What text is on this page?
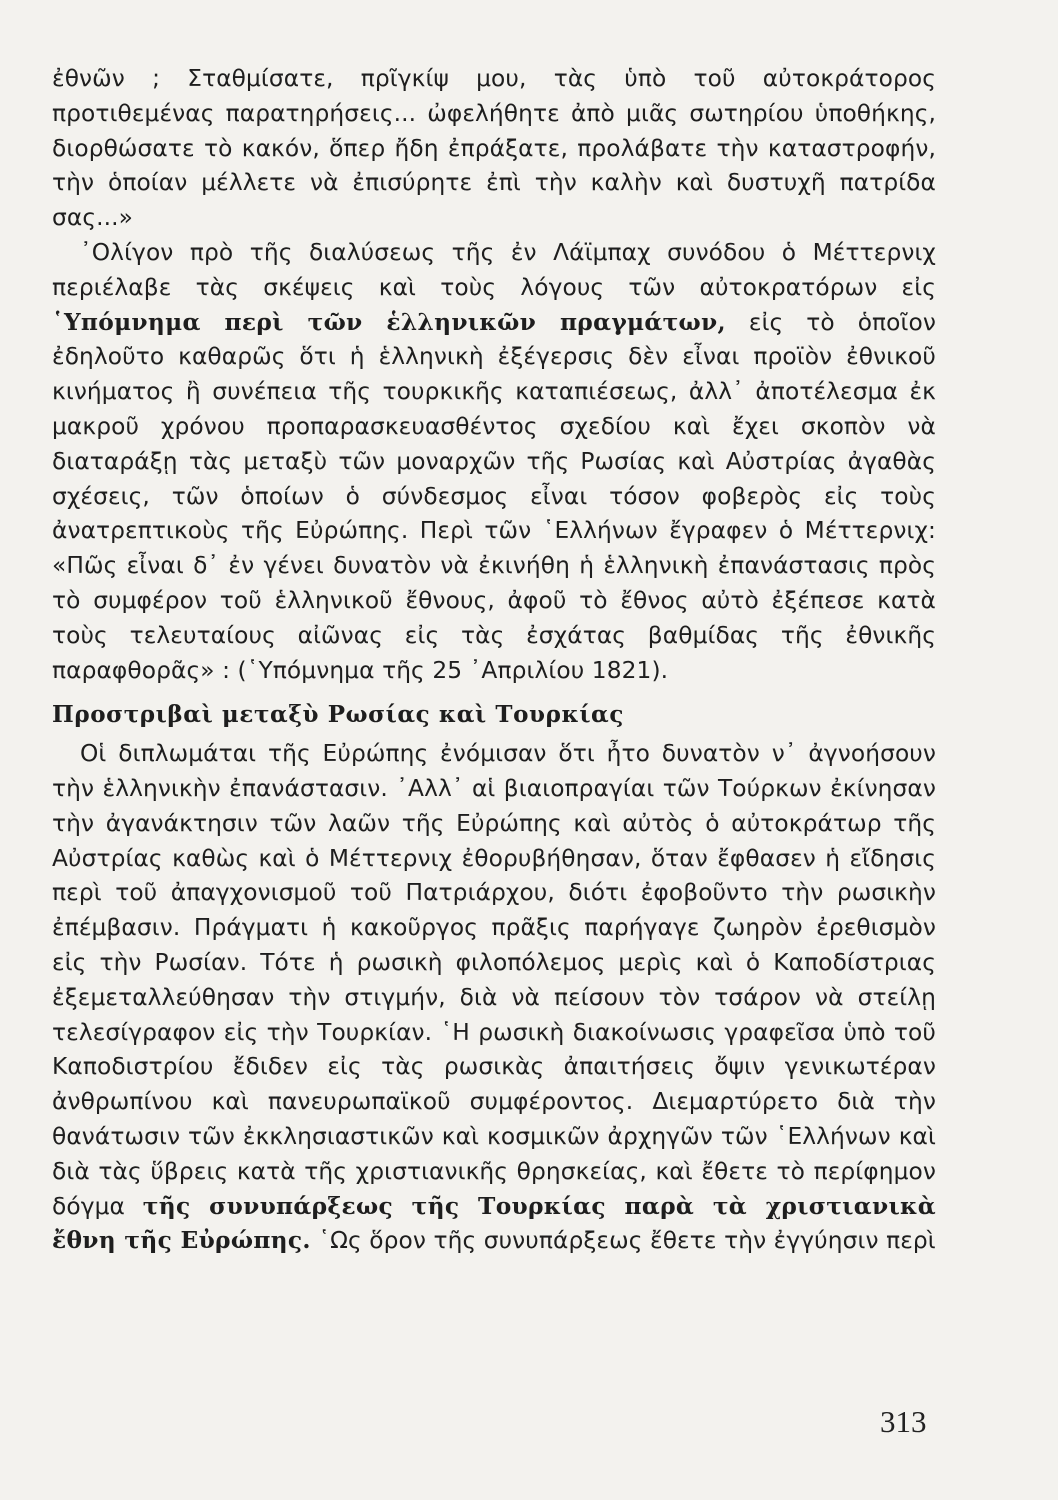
ἐθνῶν ; Σταθμίσατε, πρῖγκίψ μου, τὰς ὑπὸ τοῦ αὐτοκράτορος προτιθεμένας παρατηρήσεις... ὠφελήθητε ἀπὸ μιᾶς σωτηρίου ὑποθήκης, διορθώσατε τὸ κακόν, ὅπερ ἤδη ἐπράξατε, προλάβατε τὴν καταστροφήν, τὴν ὁποίαν μέλλετε νὰ ἐπισύρητε ἐπὶ τὴν καλὴν καὶ δυστυχῆ πατρίδα σας...»

᾿Ολίγον πρὸ τῆς διαλύσεως τῆς ἐν Λάϊμπαχ συνόδου ὁ Μέττερνιχ περιέλαβε τὰς σκέψεις καὶ τοὺς λόγους τῶν αὐτοκρατόρων εἰς ῾Υπόμνημα περὶ τῶν ἑλληνικῶν πραγμάτων, εἰς τὸ ὁποῖον ἐδηλοῦτο καθαρῶς ὅτι ἡ ἑλληνικὴ ἐξέγερσις δὲν εἶναι προϊὸν ἐθνικοῦ κινήματος ἢ συνέπεια τῆς τουρκικῆς καταπιέσεως, ἀλλ᾿ ἀποτέλεσμα ἐκ μακροῦ χρόνου προπαρασκευασθέντος σχεδίου καὶ ἔχει σκοπὸν νὰ διαταράξῃ τὰς μεταξὺ τῶν μοναρχῶν τῆς Ρωσίας καὶ Αὐστρίας ἀγαθὰς σχέσεις, τῶν ὁποίων ὁ σύνδεσμος εἶναι τόσον φοβερὸς εἰς τοὺς ἀνατρεπτικοὺς τῆς Εὐρώπης. Περὶ τῶν ῾Ελλήνων ἔγραφεν ὁ Μέττερνιχ: «Πῶς εἶναι δ᾿ ἐν γένει δυνατὸν νὰ ἐκινήθη ἡ ἑλληνικὴ ἐπανάστασις πρὸς τὸ συμφέρον τοῦ ἑλληνικοῦ ἔθνους, ἀφοῦ τὸ ἔθνος αὐτὸ ἐξέπεσε κατὰ τοὺς τελευταίους αἰῶνας εἰς τὰς ἐσχάτας βαθμίδας τῆς ἐθνικῆς παραφθορᾶς» : (῾Υπόμνημα τῆς 25 ᾿Απριλίου 1821).

Προστριβαὶ μεταξὺ Ρωσίας καὶ Τουρκίας

Οἱ διπλωμάται τῆς Εὐρώπης ἐνόμισαν ὅτι ἦτο δυνατὸν ν᾿ ἀγνοήσουν τὴν ἑλληνικὴν ἐπανάστασιν. ᾿Αλλ᾿ αἱ βιαιοπραγίαι τῶν Τούρκων ἐκίνησαν τὴν ἀγανάκτησιν τῶν λαῶν τῆς Εὐρώπης καὶ αὐτὸς ὁ αὐτοκράτωρ τῆς Αὐστρίας καθὼς καὶ ὁ Μέττερνιχ ἐθορυβήθησαν, ὅταν ἔφθασεν ἡ εἴδησις περὶ τοῦ ἀπαγχονισμοῦ τοῦ Πατριάρχου, διότι ἐφοβοῦντο τὴν ρωσικὴν ἐπέμβασιν. Πράγματι ἡ κακοῦργος πρᾶξις παρήγαγε ζωηρὸν ἐρεθισμὸν εἰς τὴν Ρωσίαν. Τότε ἡ ρωσικὴ φιλοπόλεμος μερὶς καὶ ὁ Καποδίστριας ἐξεμεταλλεύθησαν τὴν στιγμήν, διὰ νὰ πείσουν τὸν τσάρον νὰ στείλῃ τελεσίγραφον εἰς τὴν Τουρκίαν. ῾Η ρωσικὴ διακοίνωσις γραφεῖσα ὑπὸ τοῦ Καποδιστρίου ἔδιδεν εἰς τὰς ρωσικὰς ἀπαιτήσεις ὄψιν γενικωτέραν ἀνθρωπίνου καὶ πανευρωπαϊκοῦ συμφέροντος. Διεμαρτύρετο διὰ τὴν θανάτωσιν τῶν ἐκκλησιαστικῶν καὶ κοσμικῶν ἀρχηγῶν τῶν ῾Ελλήνων καὶ διὰ τὰς ὕβρεις κατὰ τῆς χριστιανικῆς θρησκείας, καὶ ἔθετε τὸ περίφημον δόγμα τῆς συνυπάρξεως τῆς Τουρκίας παρὰ τὰ χριστιανικὰ ἔθνη τῆς Εὐρώπης. ῾Ως ὅρον τῆς συνυπάρξεως ἔθετε τὴν ἐγγύησιν περὶ

313
